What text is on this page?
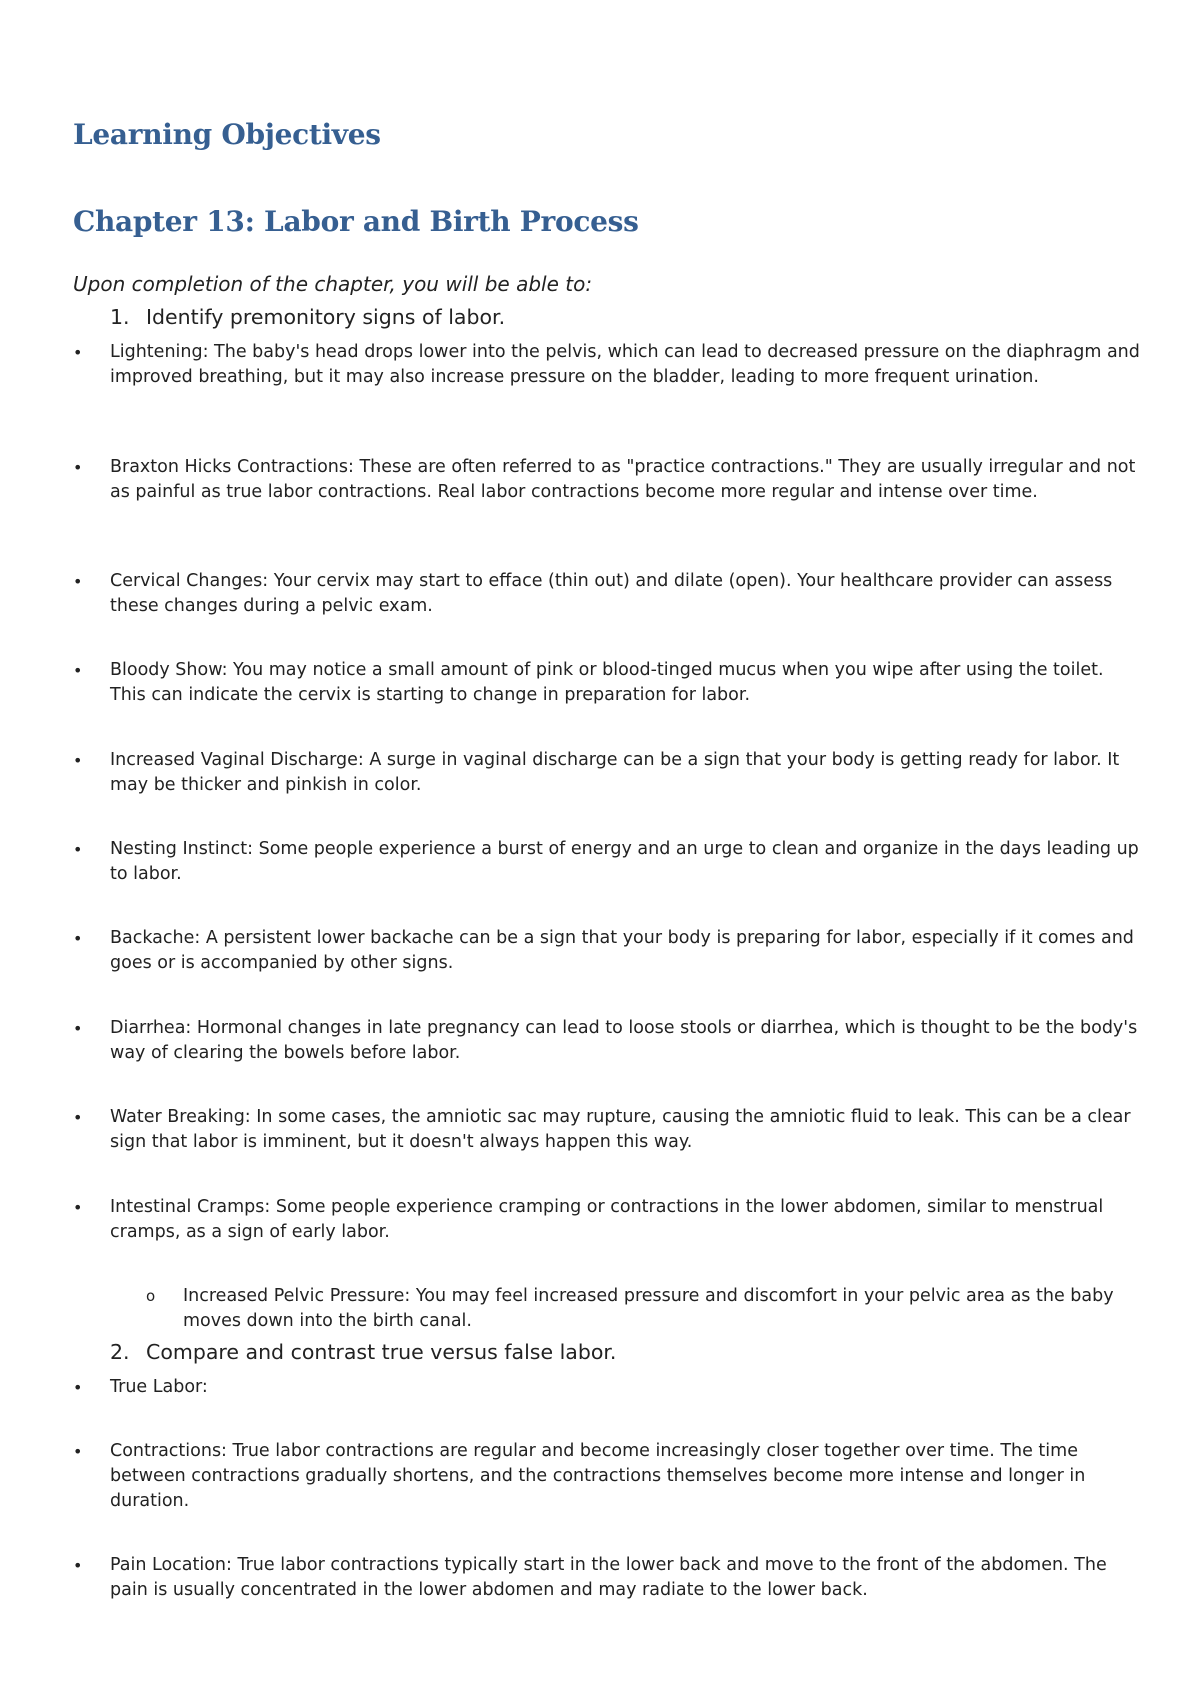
Learning Objectives
Chapter 13: Labor and Birth Process

Upon completion of the chapter, you will be able to:

1. Identify premonitory signs of labor.

• Lightening: The baby's head drops lower into the pelvis, which can lead to decreased pressure on the diaphragm and improved breathing, but it may also increase pressure on the bladder, leading to more frequent urination.
• Braxton Hicks Contractions: These are often referred to as "practice contractions." They are usually irregular and not as painful as true labor contractions. Real labor contractions become more regular and intense over time.
• Cervical Changes: Your cervix may start to efface (thin out) and dilate (open). Your healthcare provider can assess these changes during a pelvic exam.
• Bloody Show: You may notice a small amount of pink or blood-tinged mucus when you wipe after using the toilet. This can indicate the cervix is starting to change in preparation for labor.
• Increased Vaginal Discharge: A surge in vaginal discharge can be a sign that your body is getting ready for labor. It may be thicker and pinkish in color.
• Nesting Instinct: Some people experience a burst of energy and an urge to clean and organize in the days leading up to labor.
• Backache: A persistent lower backache can be a sign that your body is preparing for labor, especially if it comes and goes or is accompanied by other signs.
• Diarrhea: Hormonal changes in late pregnancy can lead to loose stools or diarrhea, which is thought to be the body's way of clearing the bowels before labor.
• Water Breaking: In some cases, the amniotic sac may rupture, causing the amniotic fluid to leak. This can be a clear sign that labor is imminent, but it doesn't always happen this way.
• Intestinal Cramps: Some people experience cramping or contractions in the lower abdomen, similar to menstrual cramps, as a sign of early labor.
o Increased Pelvic Pressure: You may feel increased pressure and discomfort in your pelvic area as the baby moves down into the birth canal.

2. Compare and contrast true versus false labor.

• True Labor:
• Contractions: True labor contractions are regular and become increasingly closer together over time. The time between contractions gradually shortens, and the contractions themselves become more intense and longer in duration.
• Pain Location: True labor contractions typically start in the lower back and move to the front of the abdomen. The pain is usually concentrated in the lower abdomen and may radiate to the lower back.
